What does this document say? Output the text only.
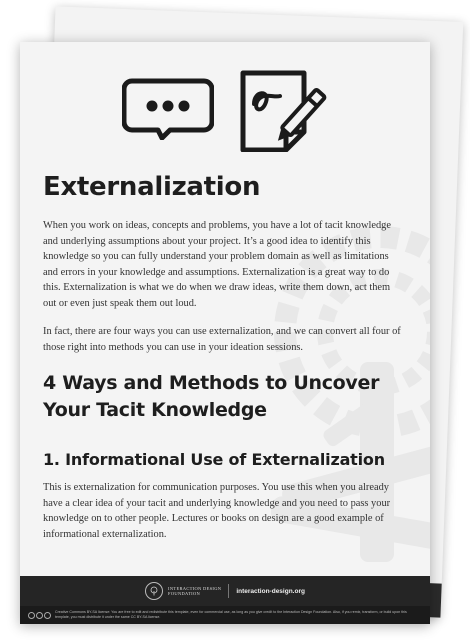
Externalization

When you work on ideas, concepts and problems, you have a lot of tacit knowledge and underlying assumptions about your project. It’s a good idea to identify this knowledge so you can fully understand your problem domain as well as limitations and errors in your knowledge and assumptions. Externalization is a great way to do this. Externalization is what we do when we draw ideas, write them down, act them out or even just speak them out loud.

In fact, there are four ways you can use externalization, and we can convert all four of those right into methods you can use in your ideation sessions.

4 Ways and Methods to Uncover Your Tacit Knowledge
1. Informational Use of Externalization

This is externalization for communication purposes. You use this when you already have a clear idea of your tacit and underlying knowledge and you need to pass your knowledge on to other people. Lectures or books on design are a good example of informational externalization.

INTERACTION DESIGN
FOUNDATION	interaction-design.org
Creative Commons BY-SA license: You are free to edit and redistribute this template, even for commercial use, as long as you give credit to the Interaction Design Foundation. Also, if you remix, transform, or build upon this template, you must distribute it under the same CC BY-SA license.
